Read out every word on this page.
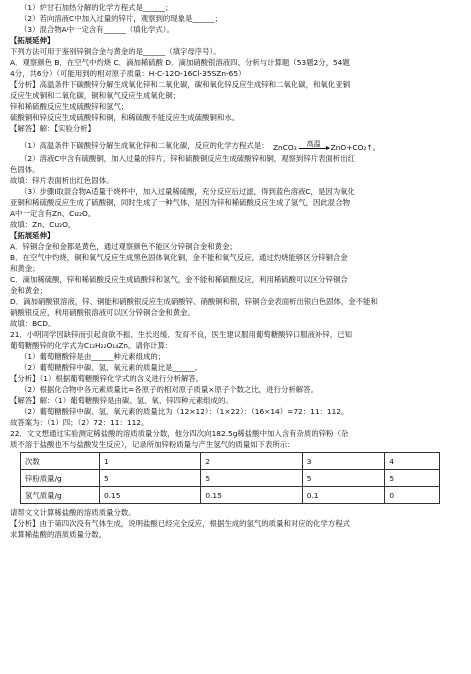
（1）炉甘石加热分解的化学方程式是______；
（2）若向溶液C中加入过量的锌片，观察到的现象是______；
（3）混合物A中一定含有______（填化学式）。
【拓展延伸】
下列方法可用于鉴别锌铜合金与黄金的是______（填字母序号）。
A．观察颜色 B．在空气中灼烧 C．滴加稀硫酸 D．滴加硝酸银溶液四、分析与计算题（53题2分，54题
4分，共6分）（可能用到的相对原子质量：H-C-12O-16Cl-35SZn-65）
【分析】高温条件下碳酸锌分解生成氧化锌和二氧化碳，碳和氧化锌反应生成锌和二氧化碳，和氧化亚铜
反应生成铜和二氧化碳，铜和氧气反应生成氧化铜；
锌和稀硫酸反应生成硫酸锌和氢气；
硫酸铜和锌反应生成硫酸锌和铜，和稀硫酸不能反应生成硫酸铜和水。
【解答】解：【实验分析】
（1）高温条件下碳酸锌分解生成氧化锌和二氧化碳，反应的化学方程式是： ZnCO₃	高温	ZnO+CO₂↑ 。
（2）溶液C中含有硫酸铜，加入过量的锌片，锌和硫酸铜反应生成硫酸锌和铜，观察到锌片表面析出红
色固体。
故填：锌片表面析出红色固体。
（3）步骤Ⅰ取混合物A适量于烧杯中，加入过量稀硫酸，充分反应后过滤，得到蓝色溶液C，是因为氧化
亚铜和稀硫酸反应生成了硫酸铜，同时生成了一种气体，是因为锌和稀硫酸反应生成了氢气，因此混合物
A中一定含有Zn、Cu₂O。
故填：Zn、Cu₂O。
【拓展延伸】
A．锌铜合金和金都是黄色，通过观察颜色不能区分锌铜合金和黄金；
B．在空气中灼烧，铜和氧气反应生成黑色固体氧化铜，金不能和氧气反应，通过灼烧能够区分锌铜合金
和黄金；
C．滴加稀硫酸，锌和稀硫酸反应生成硫酸锌和氢气，金不能和稀硫酸反应，利用稀硫酸可以区分锌铜合
金和黄金；
D．滴加硝酸银溶液，锌、铜能和硝酸银反应生成硝酸锌、硝酸铜和银，锌铜合金表面析出银白色固体，金不能和
硝酸银反应，利用硝酸银溶液可以区分锌铜合金和黄金。
故填：BCD。
21．小明同学因缺锌而引起食欲不振、生长迟缓、发育不良，医生建议服用葡萄糖酸锌口服液补锌，已知
葡萄糖酸锌的化学式为C₁₂H₂₂O₁₄Zn。请你计算：
（1）葡萄糖酸锌是由______种元素组成的；
（2）葡萄糖酸锌中碳、氢、氧元素的质量比是______。
【分析】（1）根据葡萄糖酸锌化学式的含义进行分析解答。
（2）根据化合物中各元素质量比=各原子的相对原子质量×原子个数之比，进行分析解答。
【解答】解：（1）葡萄糖酸锌是由碳、氢、氧、锌四种元素组成的。
（2）葡萄糖酸锌中碳、氢、氧元素的质量比为（12×12）：（1×22）：（16×14）=72：11：112。
故答案为：（1）四；（2）72：11：112。
22．文文想通过实验测定稀盐酸的溶质质量分数，他分四次向182.5g稀盐酸中加入含有杂质的锌粉（杂
质不溶于盐酸也不与盐酸发生反应），记录所加锌粉质量与产生氢气的质量如下表所示：
次数	1	2	3	4
锌粉质量/g	5	5	5	5
氢气质量/g	0.15	0.15	0.1	0
请帮文文计算稀盐酸的溶质质量分数。
【分析】由于第四次没有气体生成，说明盐酸已经完全反应，根据生成的氢气的质量和对应的化学方程式
求算稀盐酸的溶质质量分数。
